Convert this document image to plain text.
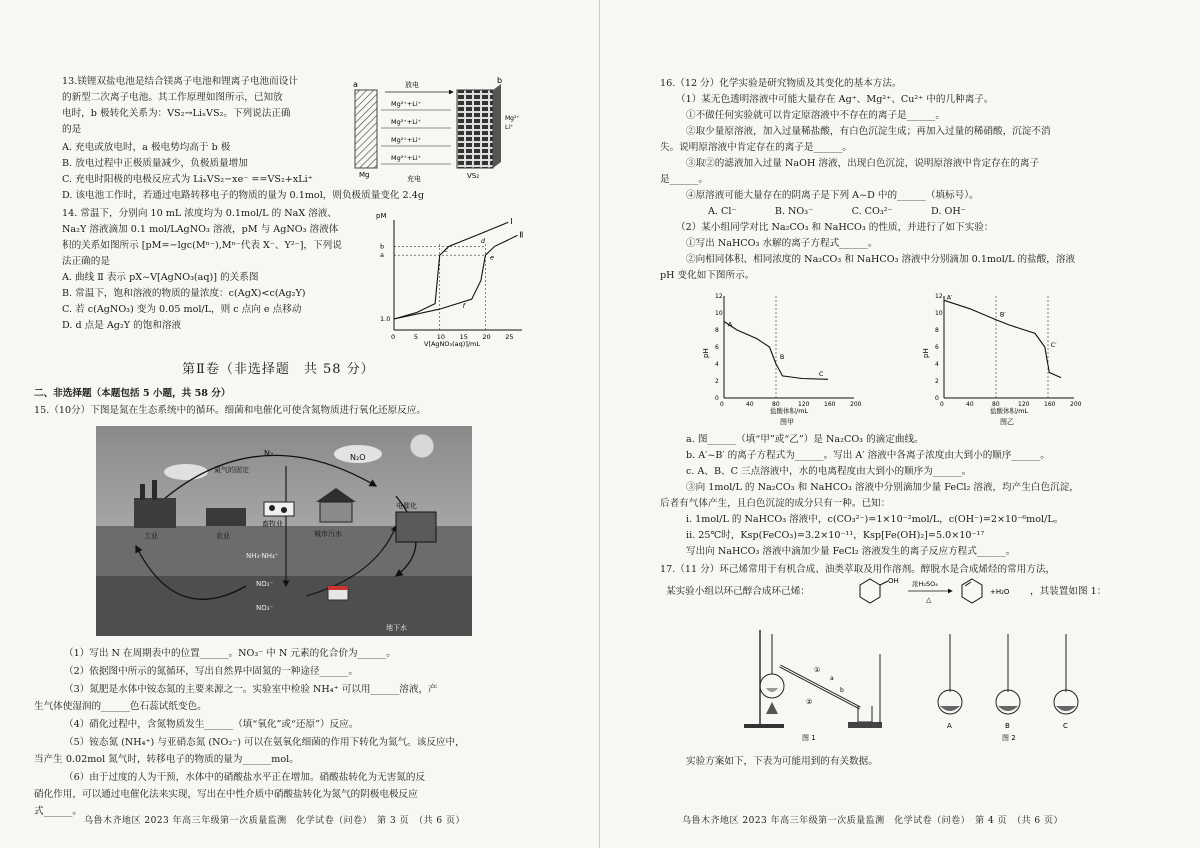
13.镁锂双盐电池是结合镁离子电池和锂离子电池而设计
的新型二次离子电池。其工作原理如图所示，已知放
电时，b 极转化关系为：VS₂→LiₓVS₂。下列说法正确
的是
A. 充电或放电时，a 极电势均高于 b 极
B. 放电过程中正极质量减少，负极质量增加
C. 充电时阳极的电极反应式为 LiₓVS₂−xe⁻ ==VS₂+xLi⁺
D. 该电池工作时，若通过电路转移电子的物质的量为 0.1mol，则负极质量变化 2.4g
a	b
放电
充电
Mg²⁺+Li⁺
Mg²⁺+Li⁺
Mg²⁺+Li⁺
Mg²⁺+Li⁺
Mg²⁺
Li⁺
Mg	VS₂
14. 常温下，分别向 10 mL 浓度均为 0.1mol/L 的 NaX 溶液、
Na₂Y 溶液滴加 0.1 mol/LAgNO₃ 溶液，pM 与 AgNO₃ 溶液体
积的关系如图所示 [pM=−lgc(Mⁿ⁻),Mⁿ⁻代表 X⁻、Y²⁻]，下列说
法正确的是
A. 曲线 Ⅱ 表示 pX~V[AgNO₃(aq)] 的关系图
B. 常温下，饱和溶液的物质的量浓度：c(AgX)<c(Ag₂Y)
C. 若 c(AgNO₃) 变为 0.05 mol/L，则 c 点向 e 点移动
D. d 点是 Ag₂Y 的饱和溶液
pM
V[AgNO₃(aq)]/mL
0	5	10 15 20 25
1.0
a
b
Ⅰ
Ⅱ
c
d
e
f
第Ⅱ卷（非选择题　共 58 分）
二、非选择题（本题包括 5 小题，共 58 分）
15.（10分）下图是氮在生态系统中的循环。细菌和电催化可使含氮物质进行氧化还原反应。
N₂	N₂O
氮气的固定
工业	农业
畜牧业
城市污水
电催化
NH₃·NH₄⁺
NO₂⁻
NO₃⁻
地下水
（1）写出 N 在周期表中的位置______。NO₃⁻ 中 N 元素的化合价为______。
（2）依据图中所示的氮循环，写出自然界中固氮的一种途径______。
（3）氮肥是水体中铵态氮的主要来源之一。实验室中检验 NH₄⁺ 可以用______溶液，产
生气体使湿润的______色石蕊试纸变色。
（4）硝化过程中，含氮物质发生______（填“氧化”或“还原”）反应。
（5）铵态氮 (NH₄⁺) 与亚硝态氮 (NO₂⁻) 可以在氨氧化细菌的作用下转化为氮气。该反应中，
当产生 0.02mol 氮气时，转移电子的物质的量为______mol。
（6）由于过度的人为干预，水体中的硝酸盐水平正在增加。硝酸盐转化为无害氮的反
硝化作用，可以通过电催化法来实现，写出在中性介质中硝酸盐转化为氮气的阴极电极反应
式______。
乌鲁木齐地区 2023 年高三年级第一次质量监测　化学试卷（问卷）　第 3 页　（共 6 页）
16.（12 分）化学实验是研究物质及其变化的基本方法。
（1）某无色透明溶液中可能大量存在 Ag⁺、Mg²⁺、Cu²⁺ 中的几种离子。
①不做任何实验就可以肯定原溶液中不存在的离子是______。
②取少量原溶液，加入过量稀盐酸，有白色沉淀生成；再加入过量的稀硝酸，沉淀不消
失。说明原溶液中肯定存在的离子是______。
③取②的滤液加入过量 NaOH 溶液，出现白色沉淀，说明原溶液中肯定存在的离子
是______。
④原溶液可能大量存在的阴离子是下列 A~D 中的______（填标号）。
A. Cl⁻　　　　B. NO₃⁻　　　　C. CO₃²⁻　　　　D. OH⁻
（2）某小组同学对比 Na₂CO₃ 和 NaHCO₃ 的性质，并进行了如下实验：
①写出 NaHCO₃ 水解的离子方程式______。
②向相同体积、相同浓度的 Na₂CO₃ 和 NaHCO₃ 溶液中分别滴加 0.1mol/L 的盐酸，溶液
pH 变化如下图所示。
pH
盐酸体积/mL
图甲
0	40	80	120 160 200
0
2
4
6
8
10
12
A
B
C
pH
盐酸体积/mL
图乙
0	40	80	120 160 200
0
2
4
6
8
10
12 A′
B′
C′
a. 图______（填“甲”或“乙”）是 Na₂CO₃ 的滴定曲线。
b. A′~B′ 的离子方程式为______。写出 A′ 溶液中各离子浓度由大到小的顺序______。
c. A、B、C 三点溶液中，水的电离程度由大到小的顺序为______。
③向 1mol/L 的 Na₂CO₃ 和 NaHCO₃ 溶液中分别滴加少量 FeCl₂ 溶液，均产生白色沉淀，
后者有气体产生，且白色沉淀的成分只有一种。已知：
i. 1mol/L 的 NaHCO₃ 溶液中，c(CO₃²⁻)=1×10⁻²mol/L，c(OH⁻)=2×10⁻⁶mol/L。
ii. 25℃时，Ksp(FeCO₃)=3.2×10⁻¹¹，Ksp[Fe(OH)₂]=5.0×10⁻¹⁷
写出向 NaHCO₃ 溶液中滴加少量 FeCl₂ 溶液发生的离子反应方程式______。
17.（11 分）环己烯常用于有机合成、油类萃取及用作溶剂。醇脱水是合成烯烃的常用方法，
某实验小组以环己醇合成环己烯：
OH 浓H₂SO₄
△
+H₂O ，其装置如图 1：
①
②
a
b
图 1
A	B	C
图 2
实验方案如下，下表为可能用到的有关数据。
乌鲁木齐地区 2023 年高三年级第一次质量监测　化学试卷（问卷）　第 4 页　（共 6 页）
